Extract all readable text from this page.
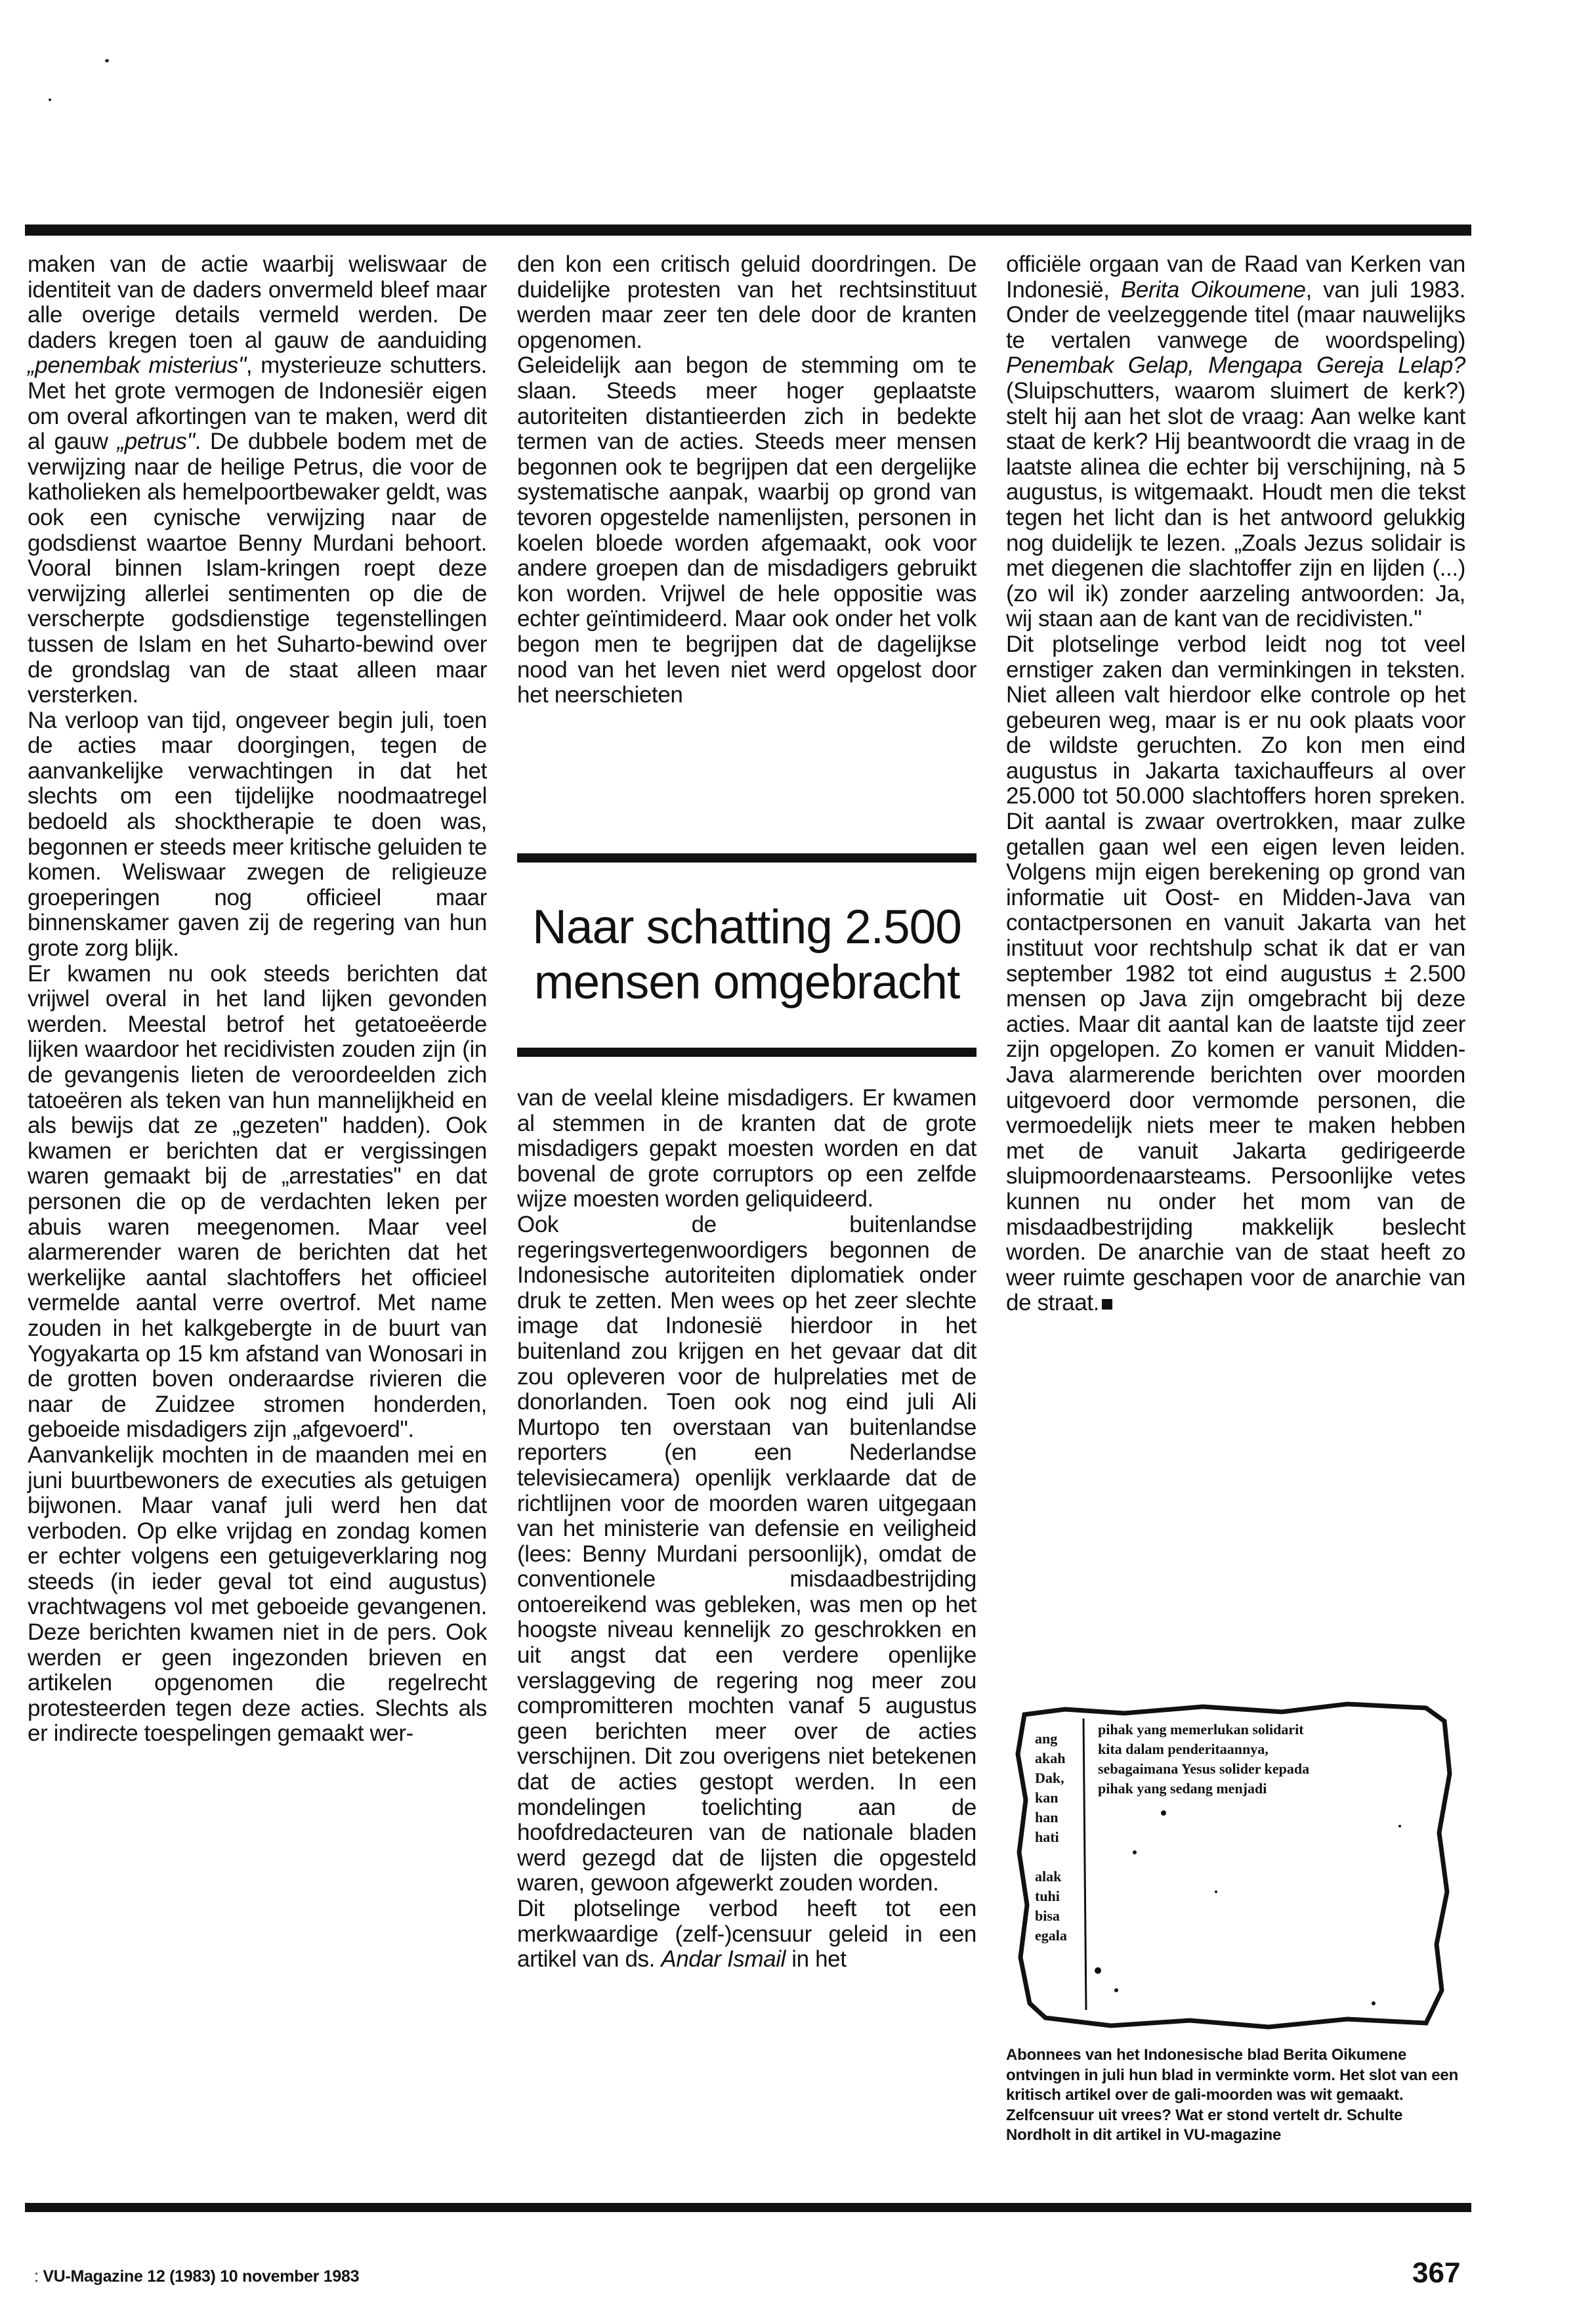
maken van de actie waarbij weliswaar de identiteit van de daders onvermeld bleef maar alle overige details vermeld werden. De daders kregen toen al gauw de aanduiding „penembak misterius", mysterieuze schutters. Met het grote vermogen de Indonesiër eigen om overal afkortingen van te maken, werd dit al gauw „petrus". De dubbele bodem met de verwijzing naar de heilige Petrus, die voor de katholieken als hemelpoortbewaker geldt, was ook een cynische verwijzing naar de godsdienst waartoe Benny Murdani behoort. Vooral binnen Islam-kringen roept deze verwijzing allerlei sentimenten op die de verscherpte godsdienstige tegenstellingen tussen de Islam en het Suharto-bewind over de grondslag van de staat alleen maar versterken.

Na verloop van tijd, ongeveer begin juli, toen de acties maar doorgingen, tegen de aanvankelijke verwachtingen in dat het slechts om een tijdelijke noodmaatregel bedoeld als shocktherapie te doen was, begonnen er steeds meer kritische geluiden te komen. Weliswaar zwegen de religieuze groeperingen nog officieel maar binnenskamer gaven zij de regering van hun grote zorg blijk.

Er kwamen nu ook steeds berichten dat vrijwel overal in het land lijken gevonden werden. Meestal betrof het getatoeëerde lijken waardoor het recidivisten zouden zijn (in de gevangenis lieten de veroordeelden zich tatoeëren als teken van hun mannelijkheid en als bewijs dat ze „gezeten" hadden). Ook kwamen er berichten dat er vergissingen waren gemaakt bij de „arrestaties" en dat personen die op de verdachten leken per abuis waren meegenomen. Maar veel alarmerender waren de berichten dat het werkelijke aantal slachtoffers het officieel vermelde aantal verre overtrof. Met name zouden in het kalkgebergte in de buurt van Yogyakarta op 15 km afstand van Wonosari in de grotten boven onderaardse rivieren die naar de Zuidzee stromen honderden, geboeide misdadigers zijn „afgevoerd".

Aanvankelijk mochten in de maanden mei en juni buurtbewoners de executies als getuigen bijwonen. Maar vanaf juli werd hen dat verboden. Op elke vrijdag en zondag komen er echter volgens een getuigeverklaring nog steeds (in ieder geval tot eind augustus) vrachtwagens vol met geboeide gevangenen. Deze berichten kwamen niet in de pers. Ook werden er geen ingezonden brieven en artikelen opgenomen die regelrecht protesteerden tegen deze acties. Slechts als er indirecte toespelingen gemaakt wer-

den kon een critisch geluid doordringen. De duidelijke protesten van het rechtsinstituut werden maar zeer ten dele door de kranten opgenomen.

Geleidelijk aan begon de stemming om te slaan. Steeds meer hoger geplaatste autoriteiten distantieerden zich in bedekte termen van de acties. Steeds meer mensen begonnen ook te begrijpen dat een dergelijke systematische aanpak, waarbij op grond van tevoren opgestelde namenlijsten, personen in koelen bloede worden afgemaakt, ook voor andere groepen dan de misdadigers gebruikt kon worden. Vrijwel de hele oppositie was echter geïntimideerd. Maar ook onder het volk begon men te begrijpen dat de dagelijkse nood van het leven niet werd opgelost door het neerschieten

Naar schatting 2.500 mensen omgebracht

van de veelal kleine misdadigers. Er kwamen al stemmen in de kranten dat de grote misdadigers gepakt moesten worden en dat bovenal de grote corruptors op een zelfde wijze moesten worden geliquideerd.

Ook de buitenlandse regeringsvertegenwoordigers begonnen de Indonesische autoriteiten diplomatiek onder druk te zetten. Men wees op het zeer slechte image dat Indonesië hierdoor in het buitenland zou krijgen en het gevaar dat dit zou opleveren voor de hulprelaties met de donorlanden. Toen ook nog eind juli Ali Murtopo ten overstaan van buitenlandse reporters (en een Nederlandse televisiecamera) openlijk verklaarde dat de richtlijnen voor de moorden waren uitgegaan van het ministerie van defensie en veiligheid (lees: Benny Murdani persoonlijk), omdat de conventionele misdaadbestrijding ontoereikend was gebleken, was men op het hoogste niveau kennelijk zo geschrokken en uit angst dat een verdere openlijke verslaggeving de regering nog meer zou compromitteren mochten vanaf 5 augustus geen berichten meer over de acties verschijnen. Dit zou overigens niet betekenen dat de acties gestopt werden. In een mondelingen toelichting aan de hoofdredacteuren van de nationale bladen werd gezegd dat de lijsten die opgesteld waren, gewoon afgewerkt zouden worden.

Dit plotselinge verbod heeft tot een merkwaardige (zelf-)censuur geleid in een artikel van ds. Andar Ismail in het

officiële orgaan van de Raad van Kerken van Indonesië, Berita Oikoumene, van juli 1983. Onder de veelzeggende titel (maar nauwelijks te vertalen vanwege de woordspeling) Penembak Gelap, Mengapa Gereja Lelap? (Sluipschutters, waarom sluimert de kerk?) stelt hij aan het slot de vraag: Aan welke kant staat de kerk? Hij beantwoordt die vraag in de laatste alinea die echter bij verschijning, nà 5 augustus, is witgemaakt. Houdt men die tekst tegen het licht dan is het antwoord gelukkig nog duidelijk te lezen. „Zoals Jezus solidair is met diegenen die slachtoffer zijn en lijden (...) (zo wil ik) zonder aarzeling antwoorden: Ja, wij staan aan de kant van de recidivisten."

Dit plotselinge verbod leidt nog tot veel ernstiger zaken dan verminkingen in teksten. Niet alleen valt hierdoor elke controle op het gebeuren weg, maar is er nu ook plaats voor de wildste geruchten. Zo kon men eind augustus in Jakarta taxichauffeurs al over 25.000 tot 50.000 slachtoffers horen spreken. Dit aantal is zwaar overtrokken, maar zulke getallen gaan wel een eigen leven leiden. Volgens mijn eigen berekening op grond van informatie uit Oost- en Midden-Java van contactpersonen en vanuit Jakarta van het instituut voor rechtshulp schat ik dat er van september 1982 tot eind augustus ± 2.500 mensen op Java zijn omgebracht bij deze acties. Maar dit aantal kan de laatste tijd zeer zijn opgelopen. Zo komen er vanuit Midden-Java alarmerende berichten over moorden uitgevoerd door vermomde personen, die vermoedelijk niets meer te maken hebben met de vanuit Jakarta gedirigeerde sluipmoordenaarsteams. Persoonlijke vetes kunnen nu onder het mom van de misdaadbestrijding makkelijk beslecht worden. De anarchie van de staat heeft zo weer ruimte geschapen voor de anarchie van de straat.

ang
akah
Dak,
kan
han
hati
alak
tuhi
bisa
egala
pihak yang memerlukan solidarit
kita dalam penderitaannya,
sebagaimana Yesus solider kepada
pihak yang sedang menjadi
Abonnees van het Indonesische blad Berita Oikumene ontvingen in juli hun blad in verminkte vorm. Het slot van een kritisch artikel over de gali-moorden was wit gemaakt. Zelfcensuur uit vrees? Wat er stond vertelt dr. Schulte Nordholt in dit artikel in VU-magazine
: VU-Magazine 12 (1983) 10 november 1983	367
